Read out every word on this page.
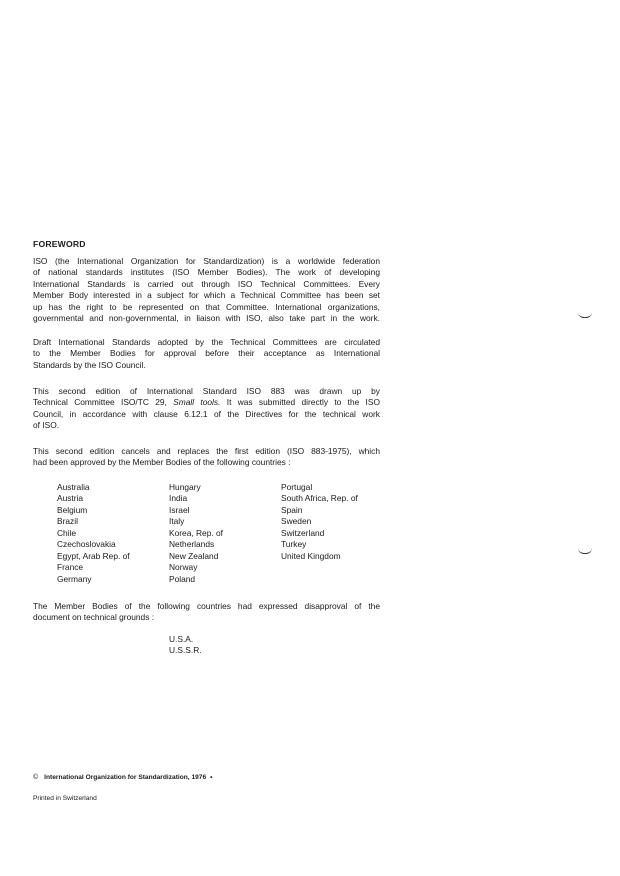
FOREWORD
ISO (the International Organization for Standardization) is a worldwide federation
of national standards institutes (ISO Member Bodies). The work of developing
International Standards is carried out through ISO Technical Committees. Every
Member Body interested in a subject for which a Technical Committee has been set
up has the right to be represented on that Committee. International organizations,
governmental and non-governmental, in liaison with ISO, also take part in the work.
Draft International Standards adopted by the Technical Committees are circulated
to the Member Bodies for approval before their acceptance as International
Standards by the ISO Council.
This second edition of International Standard ISO 883 was drawn up by
Technical Committee ISO/TC 29, Small tools. It was submitted directly to the ISO
Council, in accordance with clause 6.12.1 of the Directives for the technical work
of ISO.
This second edition cancels and replaces the first edition (ISO 883-1975), which
had been approved by the Member Bodies of the following countries :
Australia
Austria
Belgium
Brazil
Chile
Czechoslovakia
Egypt, Arab Rep. of
France
Germany
Hungary
India
Israel
Italy
Korea, Rep. of
Netherlands
New Zealand
Norway
Poland
Portugal
South Africa, Rep. of
Spain
Sweden
Switzerland
Turkey
United Kingdom
The Member Bodies of the following countries had expressed disapproval of the
document on technical grounds :
U.S.A.
U.S.S.R.
© International Organization for Standardization, 1976 •
Printed in Switzerland
